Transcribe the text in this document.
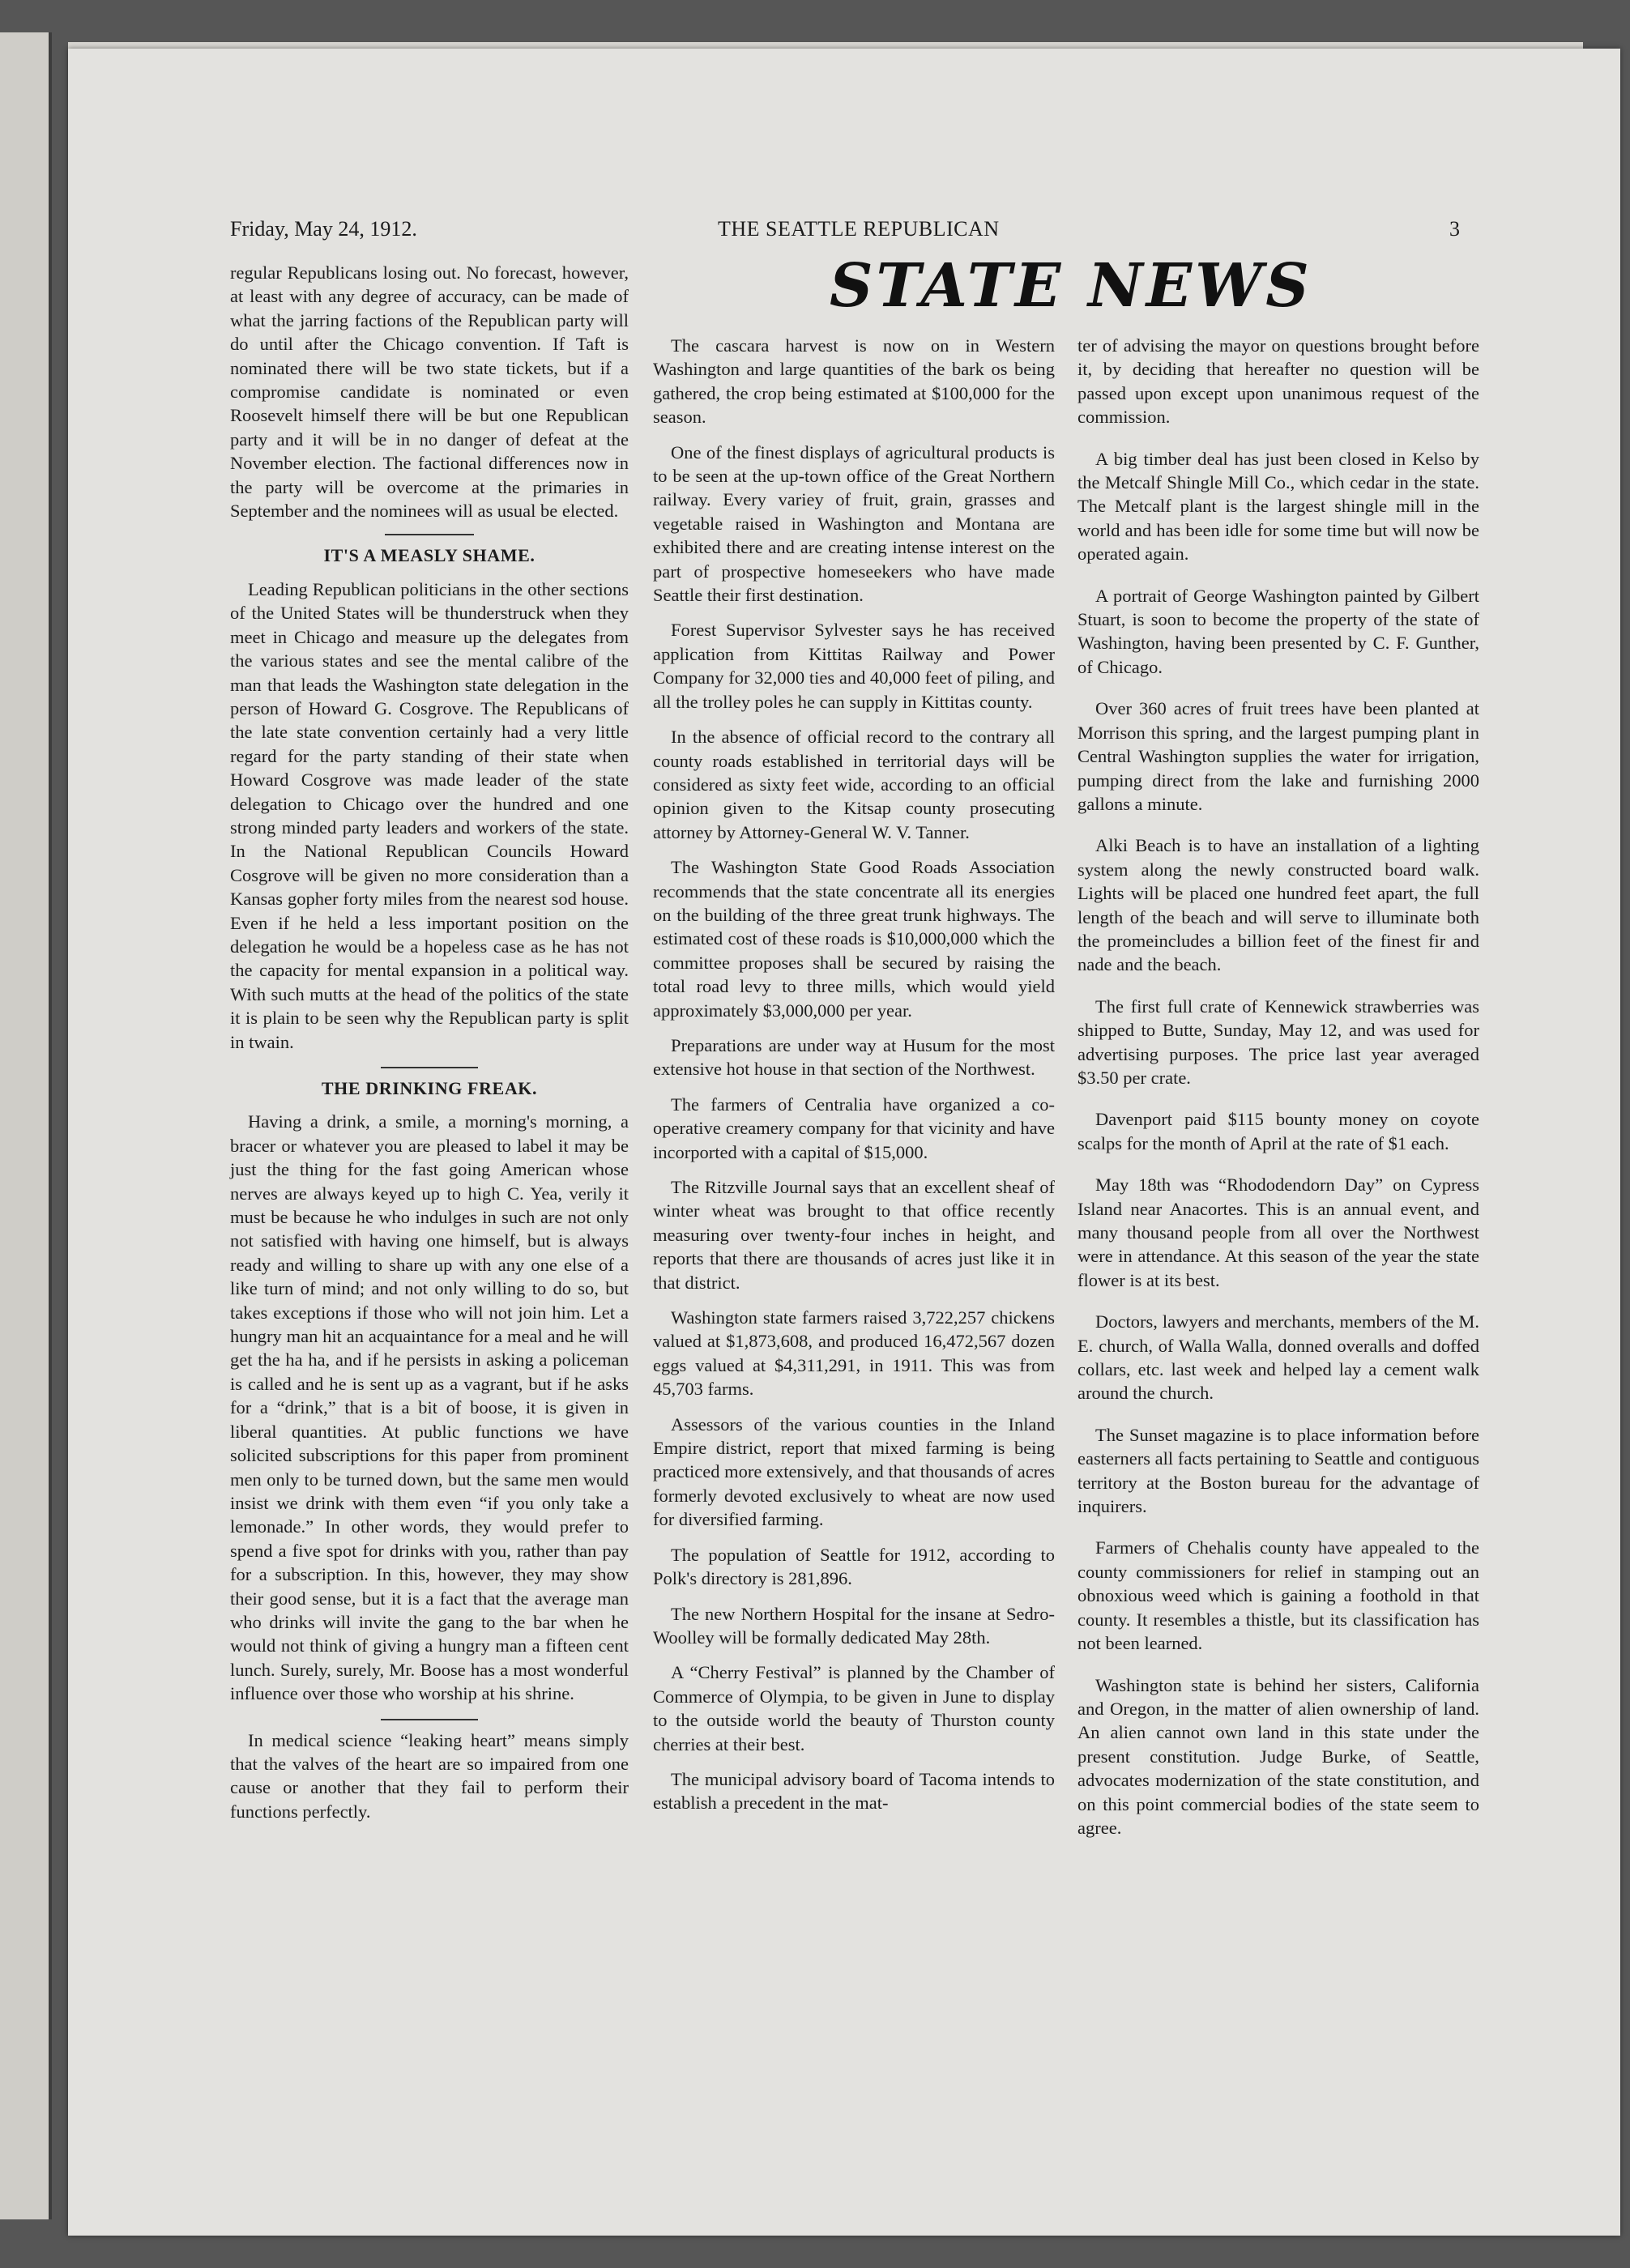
Friday, May 24, 1912.	THE SEATTLE REPUBLICAN	3
STATE NEWS

regular Republicans losing out. No forecast, however, at least with any degree of accuracy, can be made of what the jarring factions of the Republican party will do until after the Chicago convention. If Taft is nominated there will be two state tickets, but if a compromise candidate is nominated or even Roosevelt himself there will be but one Republican party and it will be in no danger of defeat at the November election. The factional differences now in the party will be overcome at the primaries in September and the nominees will as usual be elected.

IT'S A MEASLY SHAME.

Leading Republican politicians in the other sections of the United States will be thunderstruck when they meet in Chicago and measure up the delegates from the various states and see the mental calibre of the man that leads the Washington state delegation in the person of Howard G. Cosgrove. The Republicans of the late state convention certainly had a very little regard for the party standing of their state when Howard Cosgrove was made leader of the state delegation to Chicago over the hundred and one strong minded party leaders and workers of the state. In the National Republican Councils Howard Cosgrove will be given no more consideration than a Kansas gopher forty miles from the nearest sod house. Even if he held a less important position on the delegation he would be a hopeless case as he has not the capacity for mental expansion in a political way. With such mutts at the head of the politics of the state it is plain to be seen why the Republican party is split in twain.

THE DRINKING FREAK.

Having a drink, a smile, a morning's morning, a bracer or whatever you are pleased to label it may be just the thing for the fast going American whose nerves are always keyed up to high C. Yea, verily it must be because he who indulges in such are not only not satisfied with having one himself, but is always ready and willing to share up with any one else of a like turn of mind; and not only willing to do so, but takes exceptions if those who will not join him. Let a hungry man hit an acquaintance for a meal and he will get the ha ha, and if he persists in asking a policeman is called and he is sent up as a vagrant, but if he asks for a “drink,” that is a bit of boose, it is given in liberal quantities. At public functions we have solicited subscriptions for this paper from prominent men only to be turned down, but the same men would insist we drink with them even “if you only take a lemonade.” In other words, they would prefer to spend a five spot for drinks with you, rather than pay for a subscription. In this, however, they may show their good sense, but it is a fact that the average man who drinks will invite the gang to the bar when he would not think of giving a hungry man a fifteen cent lunch. Surely, surely, Mr. Boose has a most wonderful influence over those who worship at his shrine.

In medical science “leaking heart” means simply that the valves of the heart are so impaired from one cause or another that they fail to perform their functions perfectly.

The cascara harvest is now on in Western Washington and large quantities of the bark os being gathered, the crop being estimated at $100,000 for the season.

One of the finest displays of agricultural products is to be seen at the up-town office of the Great Northern railway. Every variey of fruit, grain, grasses and vegetable raised in Washington and Montana are exhibited there and are creating intense interest on the part of prospective homeseekers who have made Seattle their first destination.

Forest Supervisor Sylvester says he has received application from Kittitas Railway and Power Company for 32,000 ties and 40,000 feet of piling, and all the trolley poles he can supply in Kittitas county.

In the absence of official record to the contrary all county roads established in territorial days will be considered as sixty feet wide, according to an official opinion given to the Kitsap county prosecuting attorney by Attorney-General W. V. Tanner.

The Washington State Good Roads Association recommends that the state concentrate all its energies on the building of the three great trunk highways. The estimated cost of these roads is $10,000,000 which the committee proposes shall be secured by raising the total road levy to three mills, which would yield approximately $3,000,000 per year.

Preparations are under way at Husum for the most extensive hot house in that section of the Northwest.

The farmers of Centralia have organized a co-operative creamery company for that vicinity and have incorported with a capital of $15,000.

The Ritzville Journal says that an excellent sheaf of winter wheat was brought to that office recently measuring over twenty-four inches in height, and reports that there are thousands of acres just like it in that district.

Washington state farmers raised 3,722,257 chickens valued at $1,873,608, and produced 16,472,567 dozen eggs valued at $4,311,291, in 1911. This was from 45,703 farms.

Assessors of the various counties in the Inland Empire district, report that mixed farming is being practiced more extensively, and that thousands of acres formerly devoted exclusively to wheat are now used for diversified farming.

The population of Seattle for 1912, according to Polk's directory is 281,896.

The new Northern Hospital for the insane at Sedro-Woolley will be formally dedicated May 28th.

A “Cherry Festival” is planned by the Chamber of Commerce of Olympia, to be given in June to display to the outside world the beauty of Thurston county cherries at their best.

The municipal advisory board of Tacoma intends to establish a precedent in the mat-

ter of advising the mayor on questions brought before it, by deciding that hereafter no question will be passed upon except upon unanimous request of the commission.

A big timber deal has just been closed in Kelso by the Metcalf Shingle Mill Co., which cedar in the state. The Metcalf plant is the largest shingle mill in the world and has been idle for some time but will now be operated again.

A portrait of George Washington painted by Gilbert Stuart, is soon to become the property of the state of Washington, having been presented by C. F. Gunther, of Chicago.

Over 360 acres of fruit trees have been planted at Morrison this spring, and the largest pumping plant in Central Washington supplies the water for irrigation, pumping direct from the lake and furnishing 2000 gallons a minute.

Alki Beach is to have an installation of a lighting system along the newly constructed board walk. Lights will be placed one hundred feet apart, the full length of the beach and will serve to illuminate both the promeincludes a billion feet of the finest fir and nade and the beach.

The first full crate of Kennewick strawberries was shipped to Butte, Sunday, May 12, and was used for advertising purposes. The price last year averaged $3.50 per crate.

Davenport paid $115 bounty money on coyote scalps for the month of April at the rate of $1 each.

May 18th was “Rhododendorn Day” on Cypress Island near Anacortes. This is an annual event, and many thousand people from all over the Northwest were in attendance. At this season of the year the state flower is at its best.

Doctors, lawyers and merchants, members of the M. E. church, of Walla Walla, donned overalls and doffed collars, etc. last week and helped lay a cement walk around the church.

The Sunset magazine is to place information before easterners all facts pertaining to Seattle and contiguous territory at the Boston bureau for the advantage of inquirers.

Farmers of Chehalis county have appealed to the county commissioners for relief in stamping out an obnoxious weed which is gaining a foothold in that county. It resembles a thistle, but its classification has not been learned.

Washington state is behind her sisters, California and Oregon, in the matter of alien ownership of land. An alien cannot own land in this state under the present constitution. Judge Burke, of Seattle, advocates modernization of the state constitution, and on this point commercial bodies of the state seem to agree.
